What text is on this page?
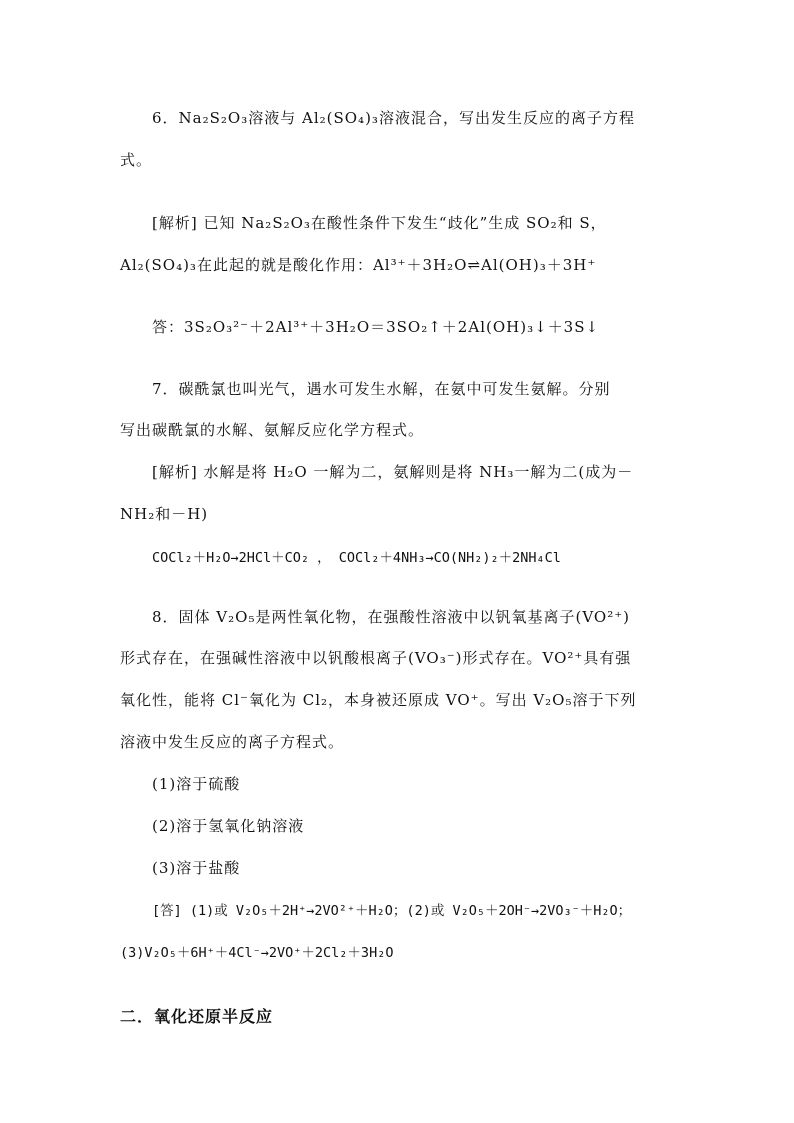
6．Na₂S₂O₃溶液与 Al₂(SO₄)₃溶液混合，写出发生反应的离子方程
式。
[解析] 已知 Na₂S₂O₃在酸性条件下发生“歧化”生成 SO₂和 S，
Al₂(SO₄)₃在此起的就是酸化作用：Al³⁺＋3H₂O⇌Al(OH)₃＋3H⁺
答：3S₂O₃²⁻＋2Al³⁺＋3H₂O＝3SO₂↑＋2Al(OH)₃↓＋3S↓
7．碳酰氯也叫光气，遇水可发生水解，在氨中可发生氨解。分别
写出碳酰氯的水解、氨解反应化学方程式。
[解析] 水解是将 H₂O 一解为二，氨解则是将 NH₃一解为二(成为－
NH₂和－H)
COCl₂＋H₂O→2HCl＋CO₂ ， COCl₂＋4NH₃→CO(NH₂)₂＋2NH₄Cl
8．固体 V₂O₅是两性氧化物，在强酸性溶液中以钒氧基离子(VO²⁺)
形式存在，在强碱性溶液中以钒酸根离子(VO₃⁻)形式存在。VO²⁺具有强
氧化性，能将 Cl⁻氧化为 Cl₂，本身被还原成 VO⁺。写出 V₂O₅溶于下列
溶液中发生反应的离子方程式。
(1)溶于硫酸
(2)溶于氢氧化钠溶液
(3)溶于盐酸
[答] (1)或 V₂O₅＋2H⁺→2VO²⁺＋H₂O；(2)或 V₂O₅＋2OH⁻→2VO₃⁻＋H₂O；
(3)V₂O₅＋6H⁺＋4Cl⁻→2VO⁺＋2Cl₂＋3H₂O
二．氧化还原半反应
